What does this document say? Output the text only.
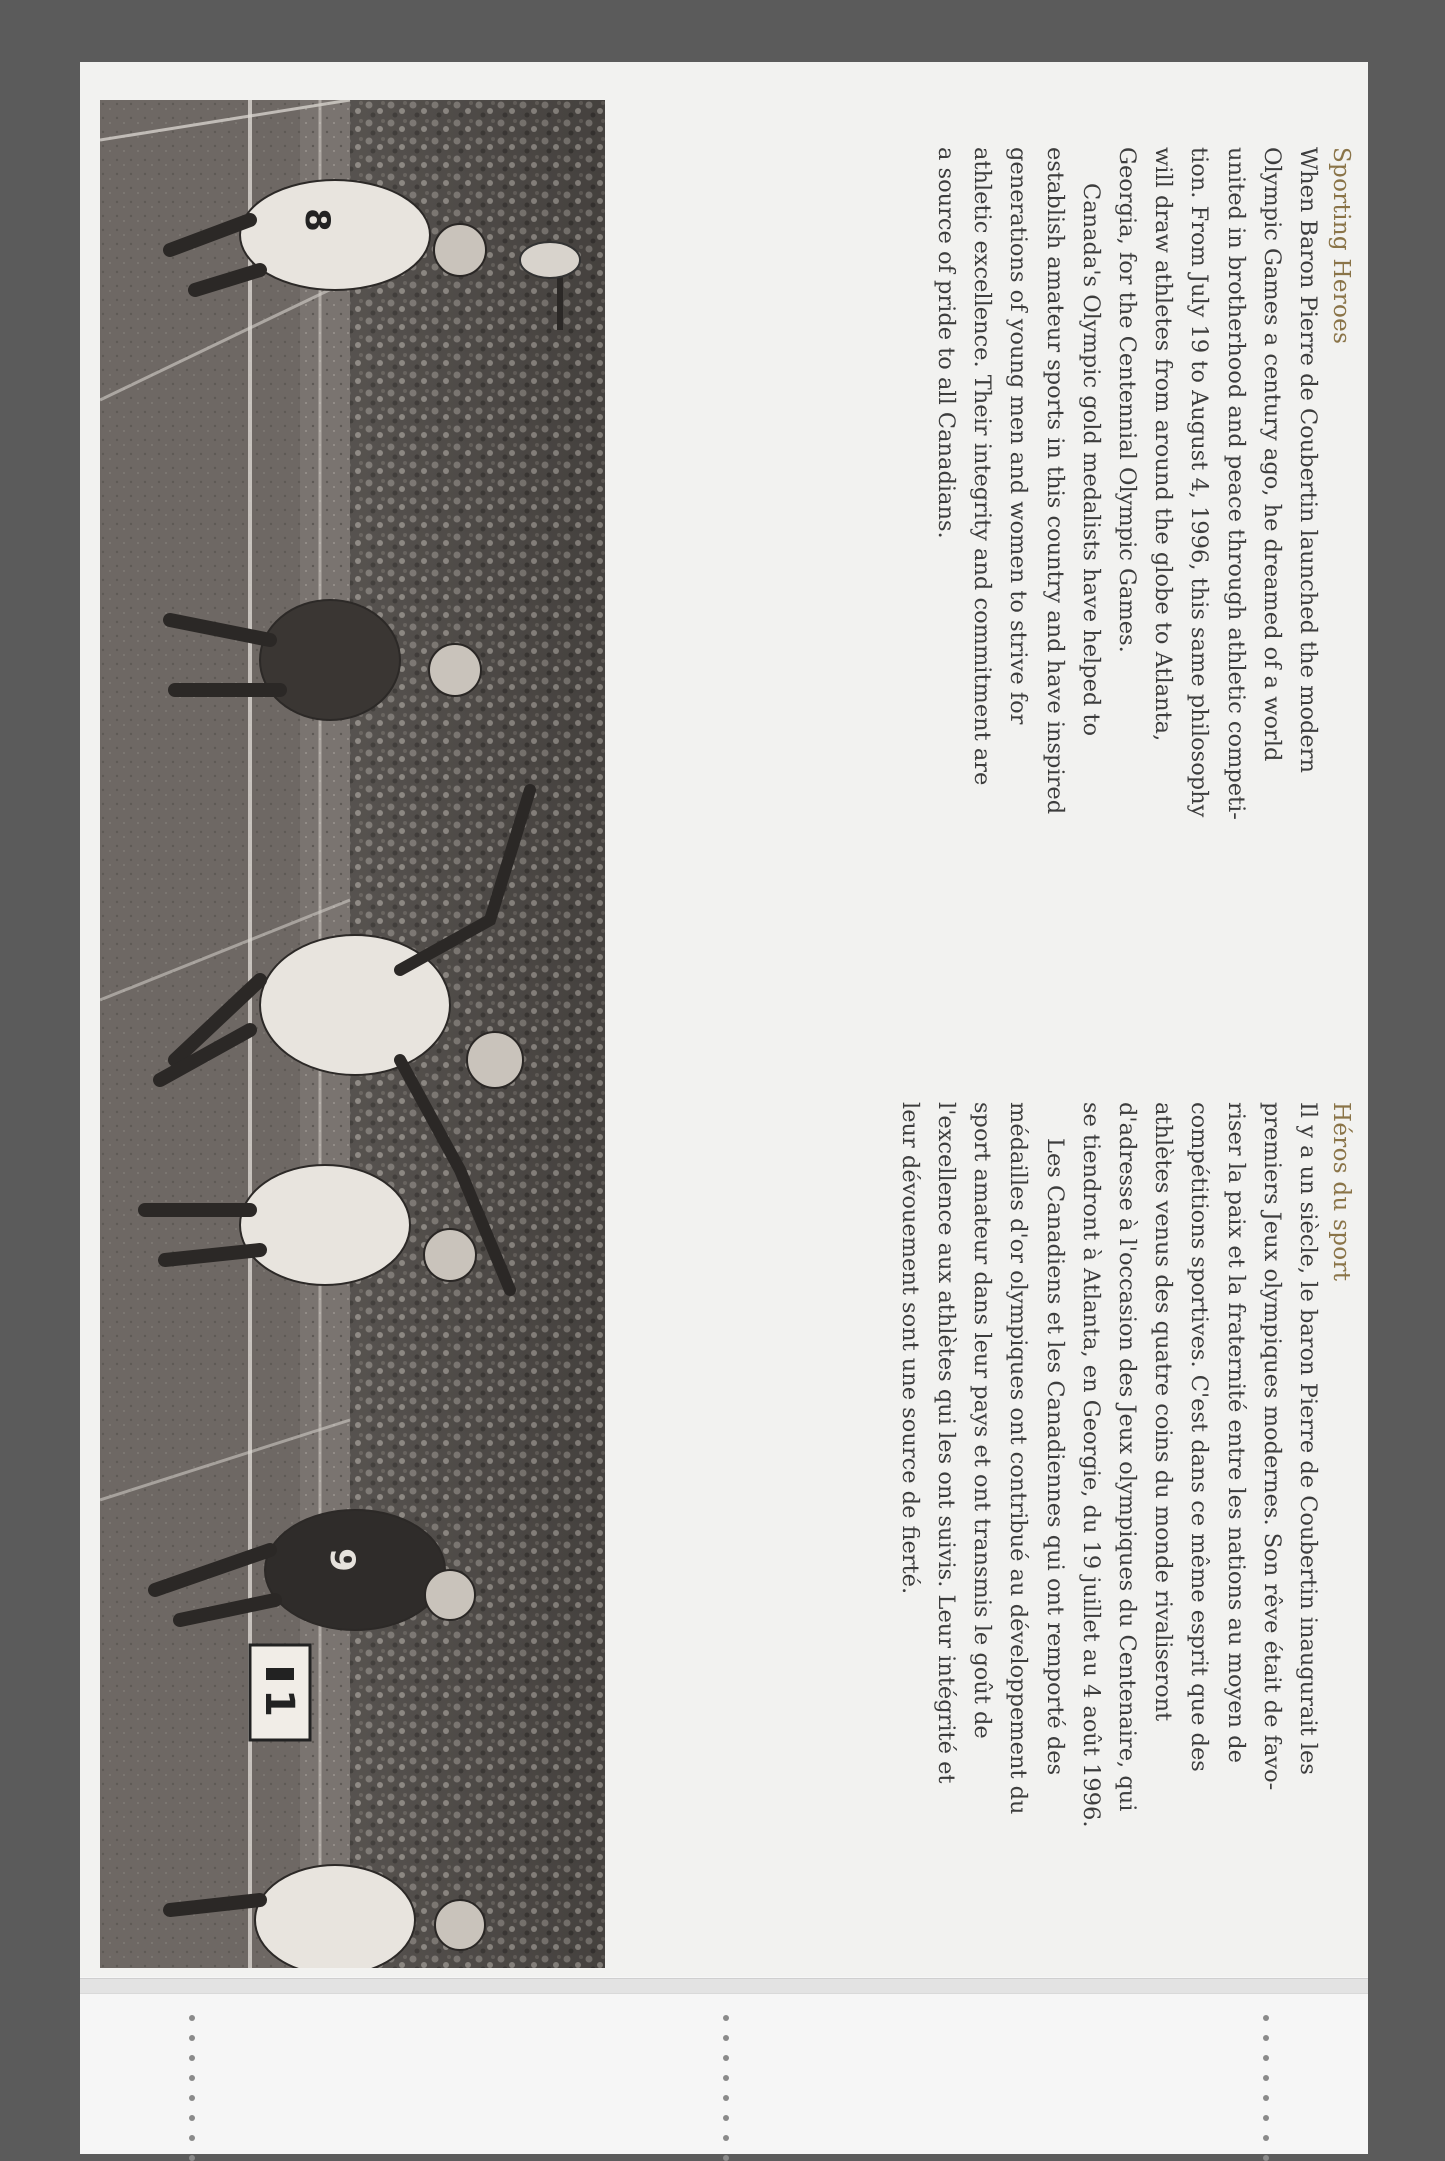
8
9
1
Sporting Heroes

When Baron Pierre de Coubertin launched the modern

Olympic Games a century ago, he dreamed of a world

united in brotherhood and peace through athletic competi-

tion. From July 19 to August 4, 1996, this same philosophy

will draw athletes from around the globe to Atlanta,

Georgia, for the Centennial Olympic Games.

Canada's Olympic gold medalists have helped to

establish amateur sports in this country and have inspired

generations of young men and women to strive for

athletic excellence. Their integrity and commitment are

a source of pride to all Canadians.

Héros du sport

Il y a un siècle, le baron Pierre de Coubertin inaugurait les

premiers Jeux olympiques modernes. Son rêve était de favo-

riser la paix et la fraternité entre les nations au moyen de

compétitions sportives. C'est dans ce même esprit que des

athlètes venus des quatre coins du monde rivaliseront

d'adresse à l'occasion des Jeux olympiques du Centenaire, qui

se tiendront à Atlanta, en Georgie, du 19 juillet au 4 août 1996.

Les Canadiens et les Canadiennes qui ont remporté des

médailles d'or olympiques ont contribué au développement du

sport amateur dans leur pays et ont transmis le goût de

l'excellence aux athlètes qui les ont suivis. Leur intégrité et

leur dévouement sont une source de fierté.
